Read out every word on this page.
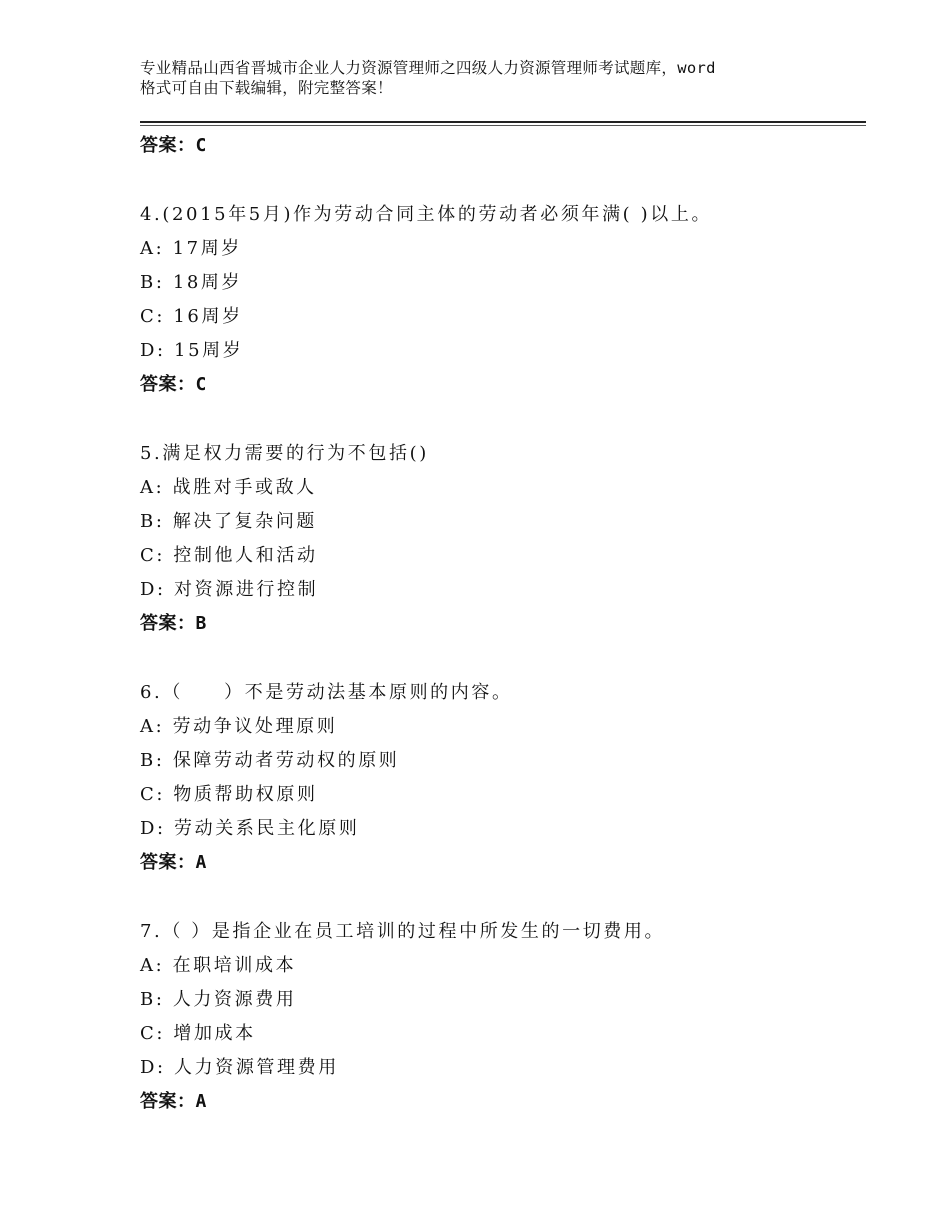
专业精品山西省晋城市企业人力资源管理师之四级人力资源管理师考试题库，word
格式可自由下载编辑，附完整答案！
答案：C
4.(2015年5月)作为劳动合同主体的劳动者必须年满( )以上。
A: 17周岁
B: 18周岁
C: 16周岁
D: 15周岁
答案：C
5.满足权力需要的行为不包括()
A: 战胜对手或敌人
B: 解决了复杂问题
C: 控制他人和活动
D: 对资源进行控制
答案：B
6.（　　）不是劳动法基本原则的内容。
A: 劳动争议处理原则
B: 保障劳动者劳动权的原则
C: 物质帮助权原则
D: 劳动关系民主化原则
答案：A
7.（ ）是指企业在员工培训的过程中所发生的一切费用。
A: 在职培训成本
B: 人力资源费用
C: 增加成本
D: 人力资源管理费用
答案：A
